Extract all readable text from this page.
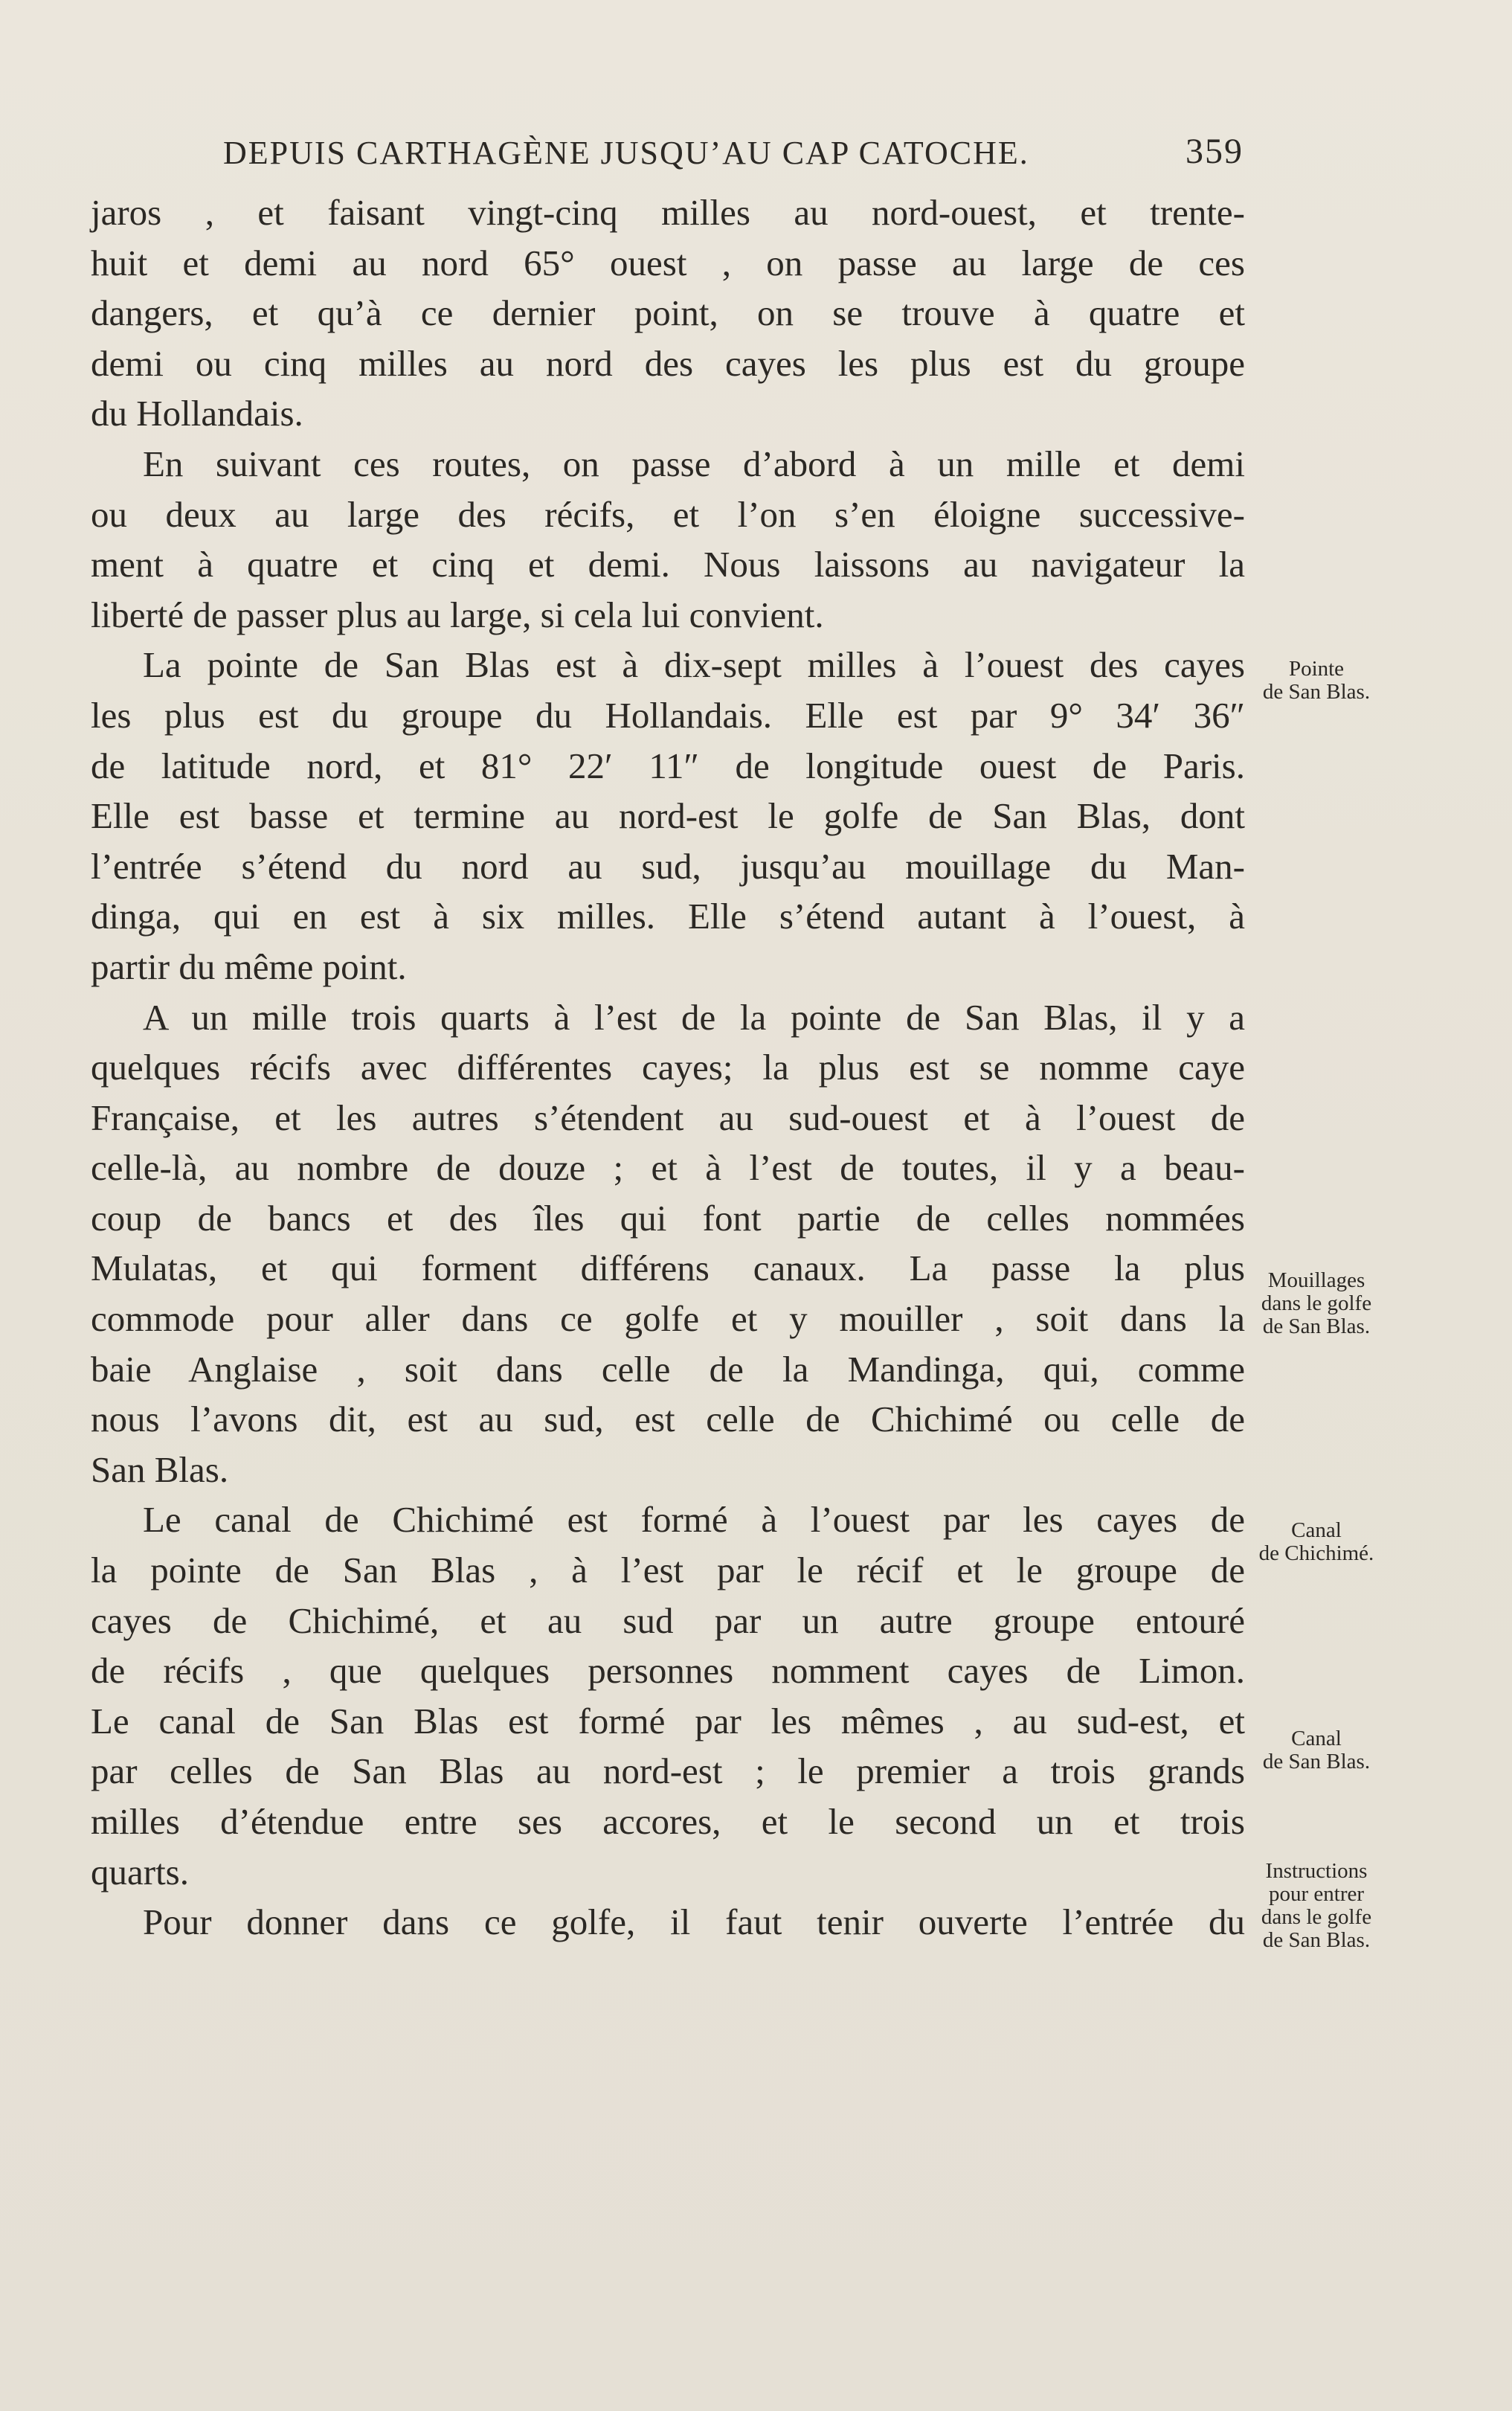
DEPUIS CARTHAGÈNE JUSQU’AU CAP CATOCHE.	359
jaros , et faisant vingt-cinq milles au nord-ouest, et trente-
huit et demi au nord 65° ouest , on passe au large de ces
dangers, et qu’à ce dernier point, on se trouve à quatre et
demi ou cinq milles au nord des cayes les plus est du groupe
du Hollandais.
En suivant ces routes, on passe d’abord à un mille et demi
ou deux au large des récifs, et l’on s’en éloigne successive-
ment à quatre et cinq et demi. Nous laissons au navigateur la
liberté de passer plus au large, si cela lui convient.
La pointe de San Blas est à dix-sept milles à l’ouest des cayes
les plus est du groupe du Hollandais. Elle est par 9° 34′ 36″
de latitude nord, et 81° 22′ 11″ de longitude ouest de Paris.
Elle est basse et termine au nord-est le golfe de San Blas, dont
l’entrée s’étend du nord au sud, jusqu’au mouillage du Man-
dinga, qui en est à six milles. Elle s’étend autant à l’ouest, à
partir du même point.
A un mille trois quarts à l’est de la pointe de San Blas, il y a
quelques récifs avec différentes cayes; la plus est se nomme caye
Française, et les autres s’étendent au sud-ouest et à l’ouest de
celle-là, au nombre de douze ; et à l’est de toutes, il y a beau-
coup de bancs et des îles qui font partie de celles nommées
Mulatas, et qui forment différens canaux. La passe la plus
commode pour aller dans ce golfe et y mouiller , soit dans la
baie Anglaise , soit dans celle de la Mandinga, qui, comme
nous l’avons dit, est au sud, est celle de Chichimé ou celle de
San Blas.
Le canal de Chichimé est formé à l’ouest par les cayes de
la pointe de San Blas , à l’est par le récif et le groupe de
cayes de Chichimé, et au sud par un autre groupe entouré
de récifs , que quelques personnes nomment cayes de Limon.
Le canal de San Blas est formé par les mêmes , au sud-est, et
par celles de San Blas au nord-est ; le premier a trois grands
milles d’étendue entre ses accores, et le second un et trois
quarts.
Pour donner dans ce golfe, il faut tenir ouverte l’entrée du
Pointe
de San Blas.
Mouillages
dans le golfe
de San Blas.
Canal
de Chichimé.
Canal
de San Blas.
Instructions
pour entrer
dans le golfe
de San Blas.
